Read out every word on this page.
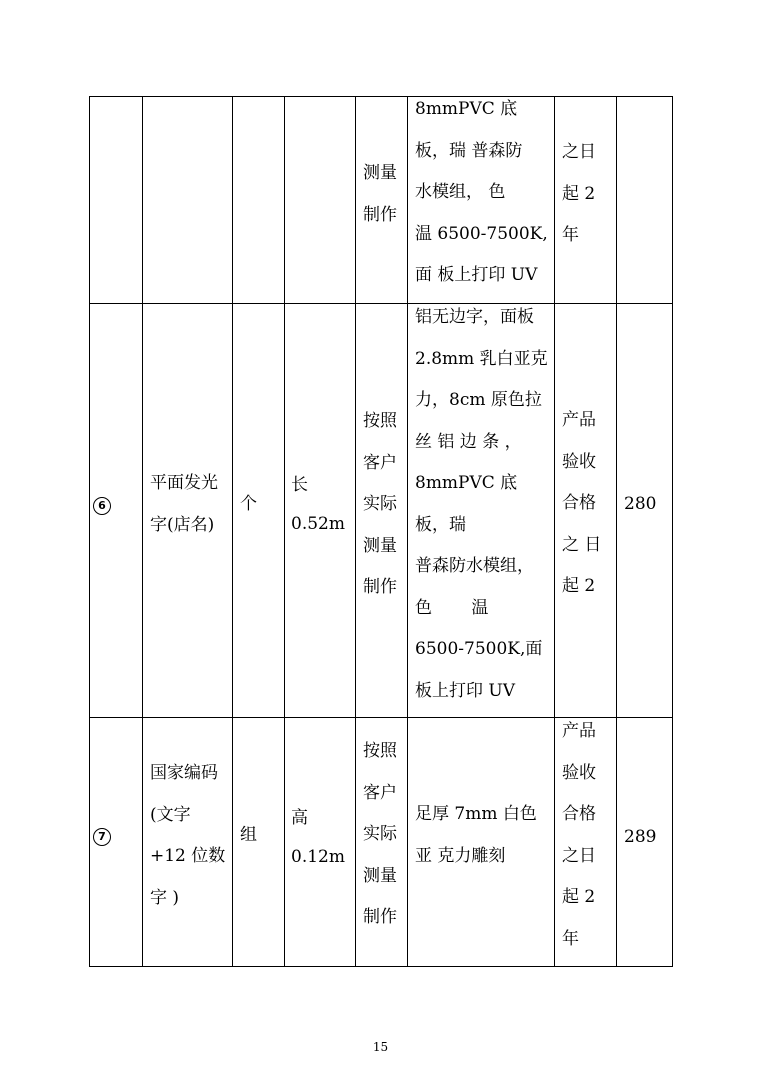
测量
制作
8mmPVC 底
板，瑞 普森防
水模组， 色
温 6500-7500K,
面 板上打印 UV
之日
起 2
年
6
平面发光
字(店名)
个
长
0.52m
按照
客户
实际
测量
制作
铝无边字，面板
2.8mm 乳白亚克
力，8cm 原色拉
丝 铝 边 条 ，
8mmPVC 底
板，瑞
普森防水模组，
色　　 温
6500-7500K,面
板上打印 UV
产品
验收
合格
之 日
起 2
280
7
国家编码
(文字
+12 位数
字 )
组
高
0.12m
按照
客户
实际
测量
制作
足厚 7mm 白色
亚 克力雕刻
产品
验收
合格
之日
起 2
年
289
15
